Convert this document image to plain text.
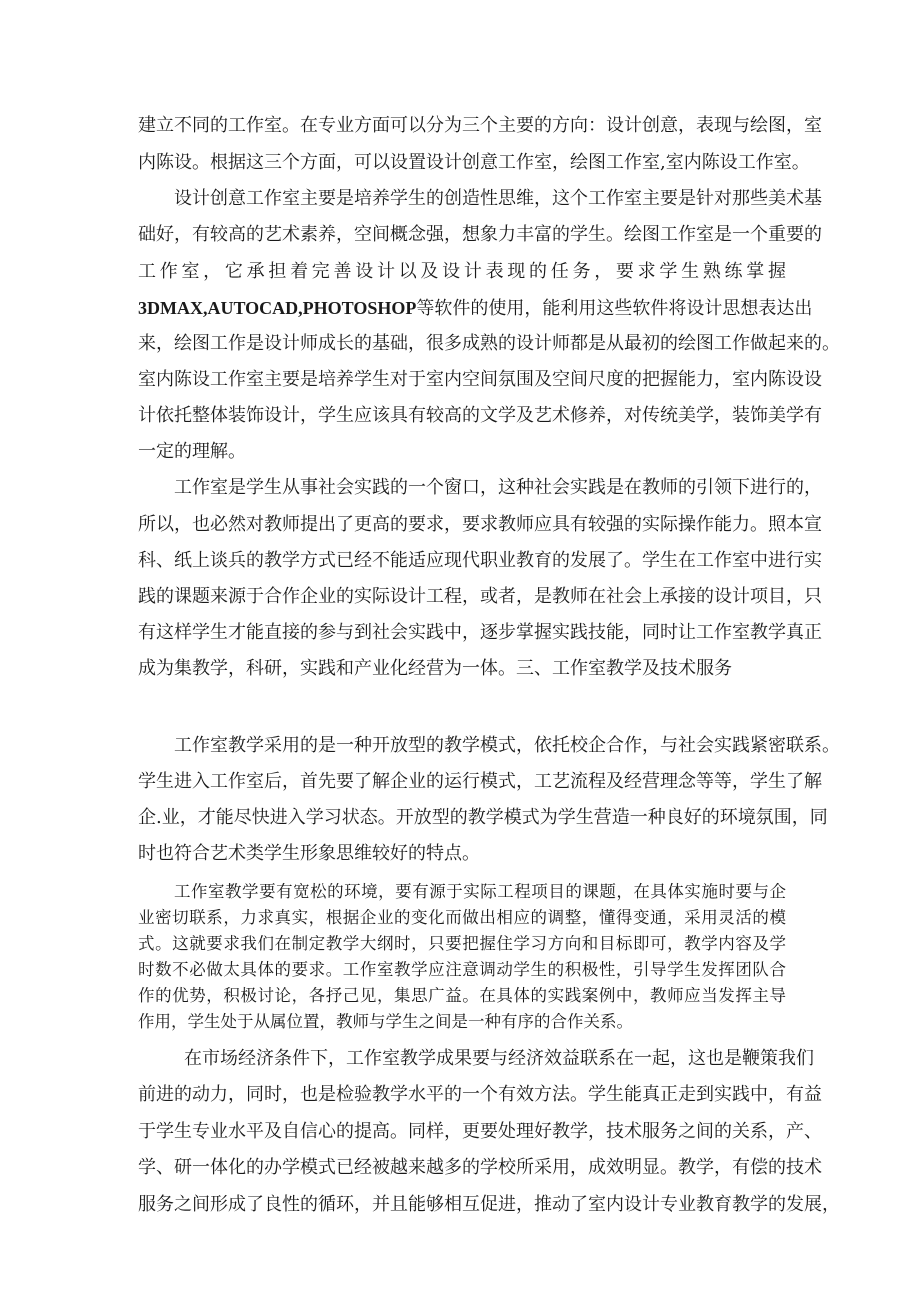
建立不同的工作室。在专业方面可以分为三个主要的方向：设计创意，表现与绘图，室

内陈设。根据这三个方面，可以设置设计创意工作室，绘图工作室,室内陈设工作室。

设计创意工作室主要是培养学生的创造性思维，这个工作室主要是针对那些美术基

础好，有较高的艺术素养，空间概念强，想象力丰富的学生。绘图工作室是一个重要的

工作室，它承担着完善设计以及设计表现的任务，要求学生熟练掌握

3DMAX,AUTOCAD,PHOTOSHOP等软件的使用，能利用这些软件将设计思想表达出

来，绘图工作是设计师成长的基础，很多成熟的设计师都是从最初的绘图工作做起来的。

室内陈设工作室主要是培养学生对于室内空间氛围及空间尺度的把握能力，室内陈设设

计依托整体装饰设计，学生应该具有较高的文学及艺术修养，对传统美学，装饰美学有

一定的理解。

工作室是学生从事社会实践的一个窗口，这种社会实践是在教师的引领下进行的，

所以，也必然对教师提出了更高的要求，要求教师应具有较强的实际操作能力。照本宣

科、纸上谈兵的教学方式已经不能适应现代职业教育的发展了。学生在工作室中进行实

践的课题来源于合作企业的实际设计工程，或者，是教师在社会上承接的设计项目，只

有这样学生才能直接的参与到社会实践中，逐步掌握实践技能，同时让工作室教学真正

成为集教学，科研，实践和产业化经营为一体。三、工作室教学及技术服务

工作室教学采用的是一种开放型的教学模式，依托校企合作，与社会实践紧密联系。

学生进入工作室后，首先要了解企业的运行模式，工艺流程及经营理念等等，学生了解

企.业，才能尽快进入学习状态。开放型的教学模式为学生营造一种良好的环境氛围，同

时也符合艺术类学生形象思维较好的特点。

工作室教学要有宽松的环境，要有源于实际工程项目的课题，在具体实施时要与企

业密切联系，力求真实，根据企业的变化而做出相应的调整，懂得变通，采用灵活的模

式。这就要求我们在制定教学大纲时，只要把握住学习方向和目标即可，教学内容及学

时数不必做太具体的要求。工作室教学应注意调动学生的积极性，引导学生发挥团队合

作的优势，积极讨论，各抒己见，集思广益。在具体的实践案例中，教师应当发挥主导

作用，学生处于从属位置，教师与学生之间是一种有序的合作关系。

在市场经济条件下，工作室教学成果要与经济效益联系在一起，这也是鞭策我们

前进的动力，同时，也是检验教学水平的一个有效方法。学生能真正走到实践中，有益

于学生专业水平及自信心的提高。同样，更要处理好教学，技术服务之间的关系，产、

学、研一体化的办学模式已经被越来越多的学校所采用，成效明显。教学，有偿的技术

服务之间形成了良性的循环，并且能够相互促进，推动了室内设计专业教育教学的发展，
